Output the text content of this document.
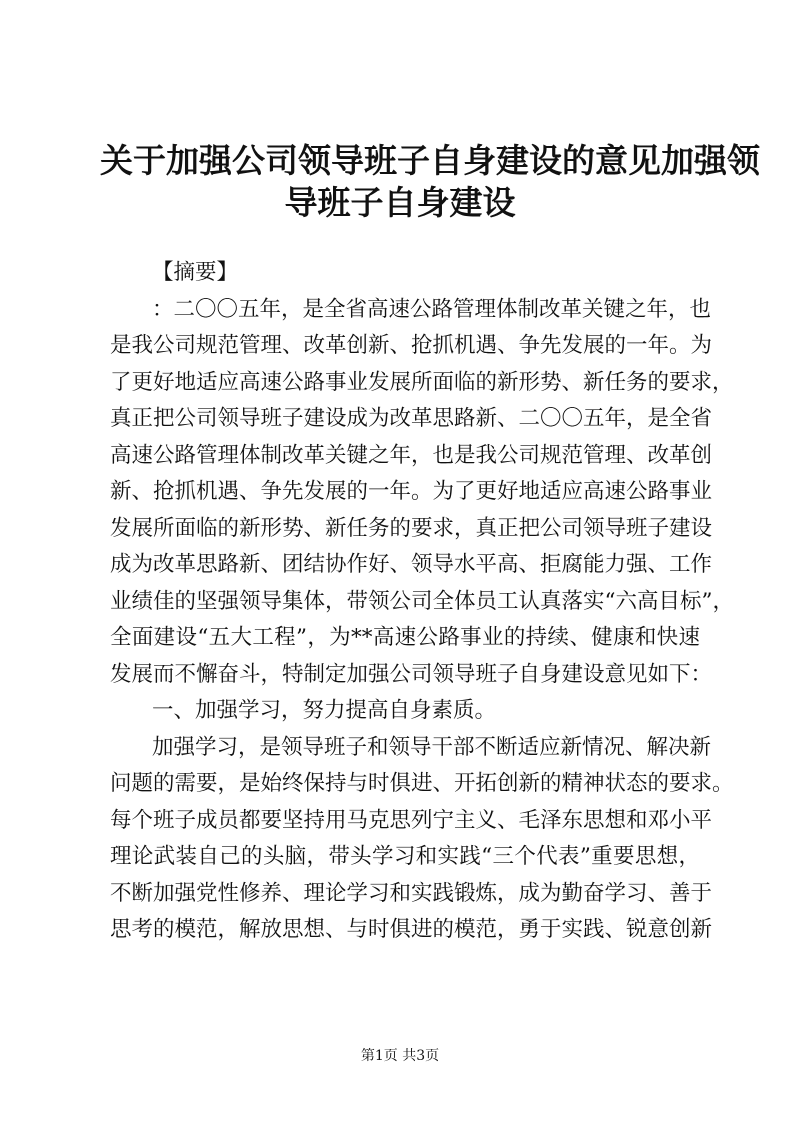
关于加强公司领导班子自身建设的意见加强领
导班子自身建设
【摘要】
：二〇〇五年，是全省高速公路管理体制改革关键之年，也
是我公司规范管理、改革创新、抢抓机遇、争先发展的一年。为
了更好地适应高速公路事业发展所面临的新形势、新任务的要求，
真正把公司领导班子建设成为改革思路新、二〇〇五年，是全省
高速公路管理体制改革关键之年，也是我公司规范管理、改革创
新、抢抓机遇、争先发展的一年。为了更好地适应高速公路事业
发展所面临的新形势、新任务的要求，真正把公司领导班子建设
成为改革思路新、团结协作好、领导水平高、拒腐能力强、工作
业绩佳的坚强领导集体，带领公司全体员工认真落实“六高目标”，
全面建设“五大工程”，为**高速公路事业的持续、健康和快速
发展而不懈奋斗，特制定加强公司领导班子自身建设意见如下：
一、加强学习，努力提高自身素质。
加强学习，是领导班子和领导干部不断适应新情况、解决新
问题的需要，是始终保持与时俱进、开拓创新的精神状态的要求。
每个班子成员都要坚持用马克思列宁主义、毛泽东思想和邓小平
理论武装自己的头脑，带头学习和实践“三个代表”重要思想，
不断加强党性修养、理论学习和实践锻炼，成为勤奋学习、善于
思考的模范，解放思想、与时俱进的模范，勇于实践、锐意创新
第1页 共3页
